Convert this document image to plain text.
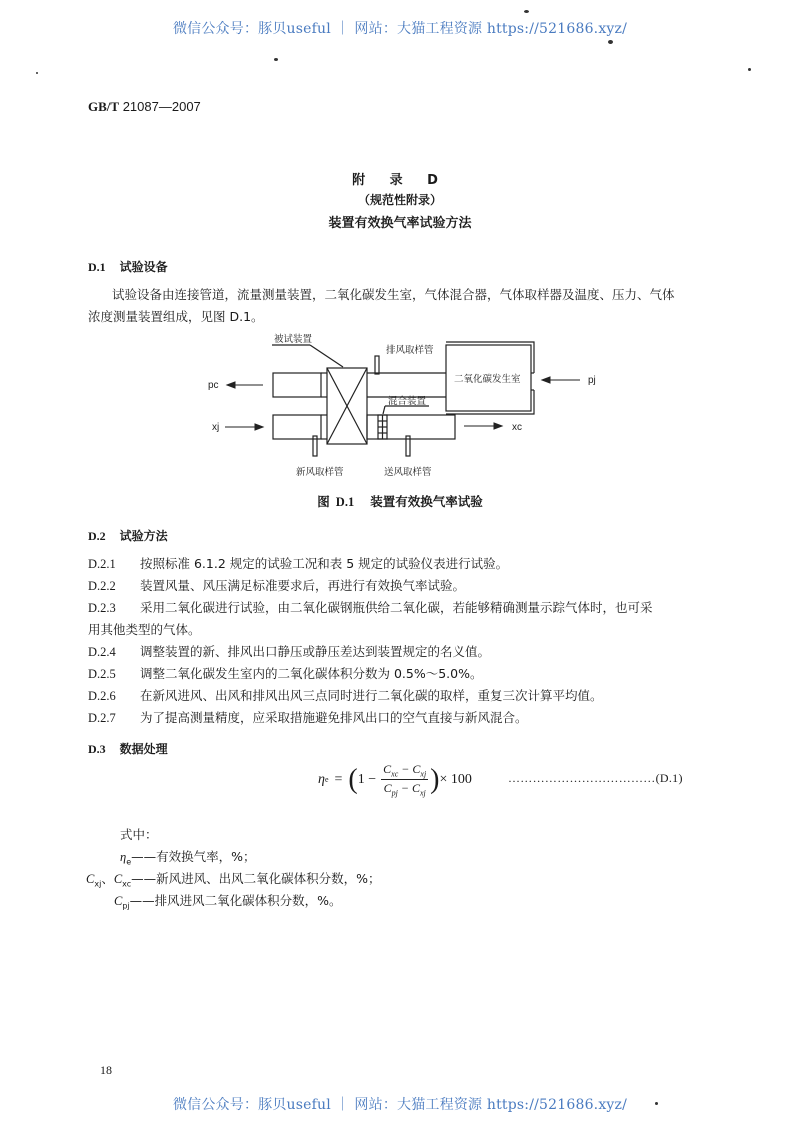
微信公众号：豚贝useful ｜ 网站：大猫工程资源 https://521686.xyz/
GB/T 21087—2007
附 录 D
（规范性附录）
装置有效换气率试验方法
D.1 试验设备
试验设备由连接管道，流量测量装置，二氧化碳发生室，气体混合器，气体取样器及温度、压力、气体
浓度测量装置组成，见图 D.1。
被试装置
排风取样管
二氧化碳发生室
混合装置
新风取样管	送风取样管
pc
xj
pj
xc
图 D.1 装置有效换气率试验
D.2 试验方法
D.2.1 按照标准 6.1.2 规定的试验工况和表 5 规定的试验仪表进行试验。
D.2.2 装置风量、风压满足标准要求后，再进行有效换气率试验。
D.2.3 采用二氧化碳进行试验，由二氧化碳钢瓶供给二氧化碳，若能够精确测量示踪气体时，也可采
用其他类型的气体。
D.2.4 调整装置的新、排风出口静压或静压差达到装置规定的名义值。
D.2.5 调整二氧化碳发生室内的二氧化碳体积分数为 0.5%～5.0%。
D.2.6 在新风进风、出风和排风出风三点同时进行二氧化碳的取样，重复三次计算平均值。
D.2.7 为了提高测量精度，应采取措施避免排风出口的空气直接与新风混合。
D.3 数据处理
η e = ( $1 - \frac{C_{xc} - C_{xj}}{C_{pj} - C_{xj}}$ ) × 100	………………………………(D.1)
式中：
$\eta_e——$有效换气率，%；
$C_{xj}$、$C_{xc}——$新风进风、出风二氧化碳体积分数，%；
$C_{pj}——$排风进风二氧化碳体积分数，%。
18
微信公众号：豚贝useful ｜ 网站：大猫工程资源 https://521686.xyz/
